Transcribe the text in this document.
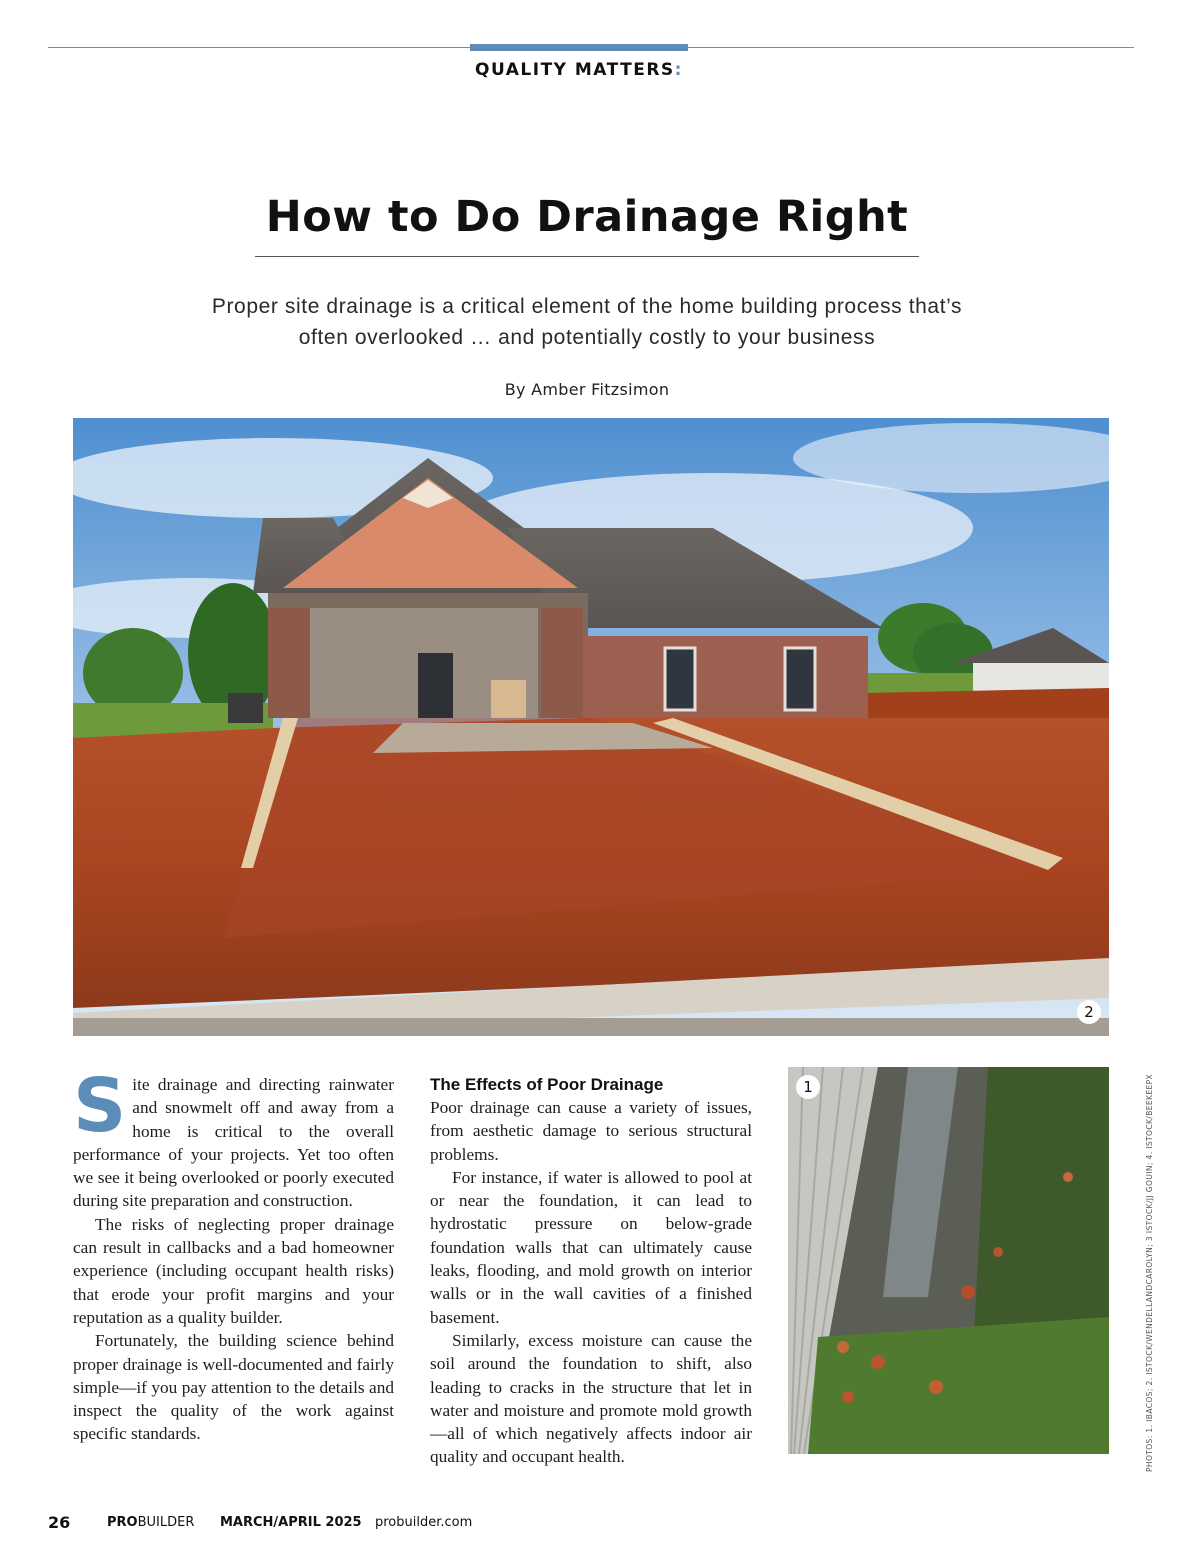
QUALITY MATTERS:
How to Do Drainage Right
Proper site drainage is a critical element of the home building process that’s often overlooked … and potentially costly to your business
By Amber Fitzsimon
2

Site drainage and directing rainwater and snowmelt off and away from a home is critical to the overall performance of your projects. Yet too often we see it being overlooked or poorly executed during site preparation and construction.

The risks of neglecting proper drainage can result in callbacks and a bad homeowner experience (including occupant health risks) that erode your profit margins and your reputation as a quality builder.

Fortunately, the building science behind proper drainage is well-documented and fairly simple—if you pay attention to the details and inspect the quality of the work against specific standards.

The Effects of Poor Drainage

Poor drainage can cause a variety of issues, from aesthetic damage to serious structural problems.

For instance, if water is allowed to pool at or near the foundation, it can lead to hydrostatic pressure on below-grade foundation walls that can ultimately cause leaks, flooding, and mold growth on interior walls or in the wall cavities of a finished basement.

Similarly, excess moisture can cause the soil around the foundation to shift, also leading to cracks in the structure that let in water and moisture and promote mold growth—all of which negatively affects indoor air quality and occupant health.

1	PHOTOS: 1. IBACOS; 2. ISTOCK/WENDELLANDCAROLYN; 3 ISTOCK/JJ GOUIN; 4. ISTOCK/BEEKEEPX
26	PROBUILDER MARCH/APRIL 2025 probuilder.com
